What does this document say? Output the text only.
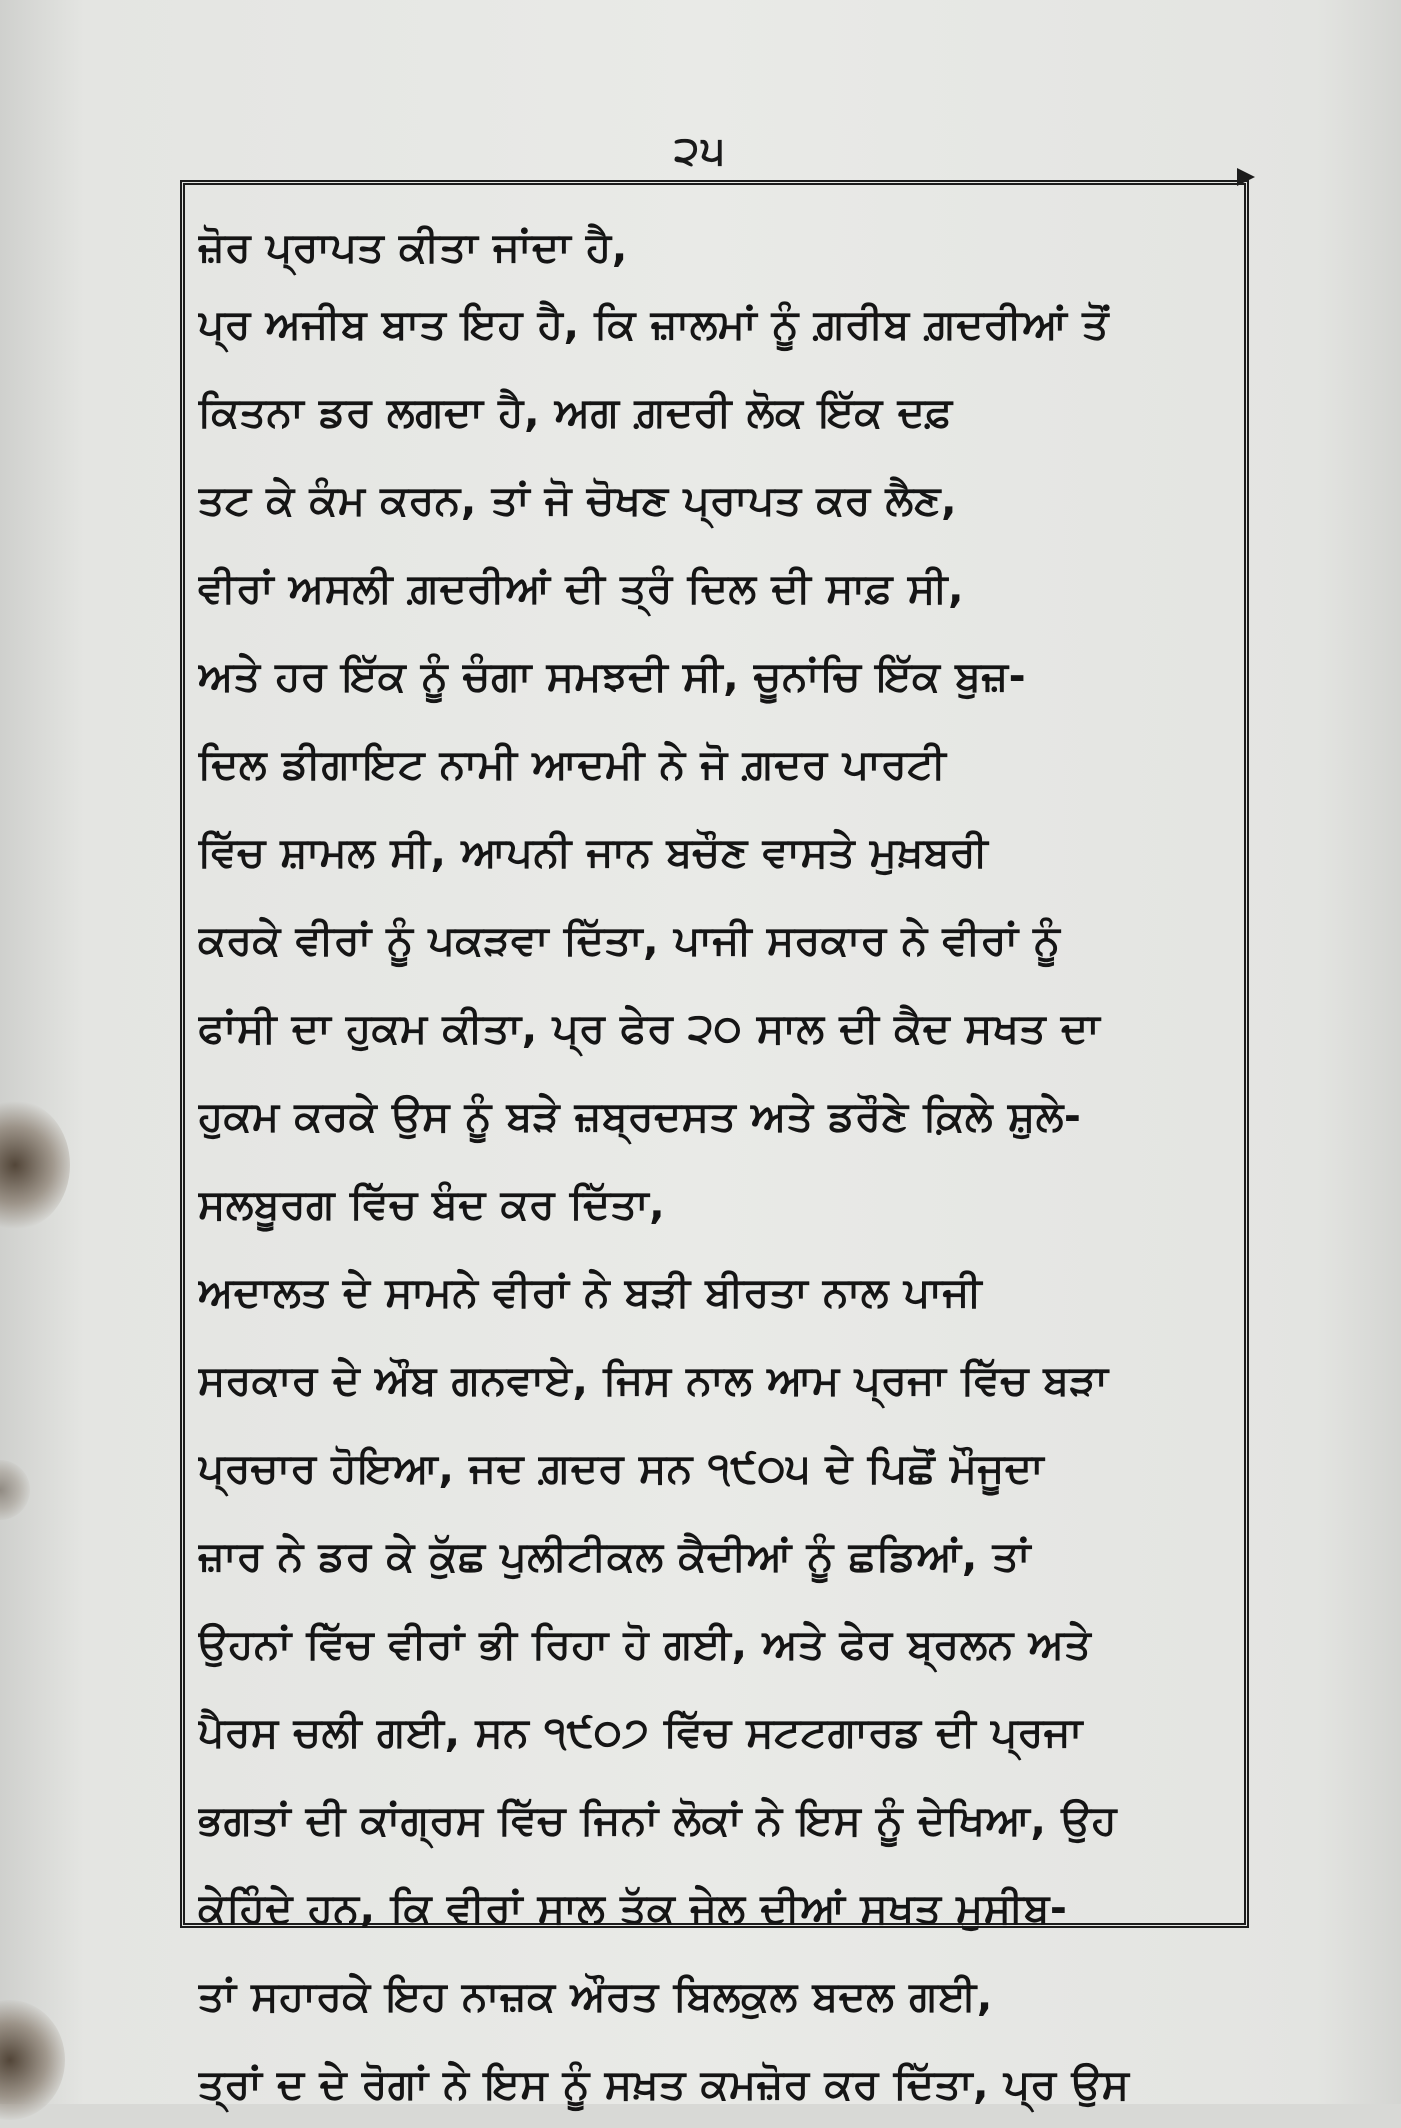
੨੫
ਜ਼ੋਰ ਪ੍ਰਾਪਤ ਕੀਤਾ ਜਾਂਦਾ ਹੈ,
ਪ੍ਰ ਅਜੀਬ ਬਾਤ ਇਹ ਹੈ, ਕਿ ਜ਼ਾਲਮਾਂ ਨੂੰ ਗ਼ਰੀਬ ਗ਼ਦਰੀਆਂ ਤੋਂ
ਕਿਤਨਾ ਡਰ ਲਗਦਾ ਹੈ, ਅਗ ਗ਼ਦਰੀ ਲੋਕ ਇੱਕ ਦਫ਼
ਤਟ ਕੇ ਕੰਮ ਕਰਨ, ਤਾਂ ਜੋ ਚੋਖਣ ਪ੍ਰਾਪਤ ਕਰ ਲੈਣ,
ਵੀਰਾਂ ਅਸਲੀ ਗ਼ਦਰੀਆਂ ਦੀ ਤ੍ਰੰ ਦਿਲ ਦੀ ਸਾਫ਼ ਸੀ,
ਅਤੇ ਹਰ ਇੱਕ ਨੂੰ ਚੰਗਾ ਸਮਝਦੀ ਸੀ, ਚੂਨਾਂਚਿ ਇੱਕ ਬੁਜ਼-
ਦਿਲ ਡੀਗਾਇਟ ਨਾਮੀ ਆਦਮੀ ਨੇ ਜੋ ਗ਼ਦਰ ਪਾਰਟੀ
ਵਿੱਚ ਸ਼ਾਮਲ ਸੀ, ਆਪਨੀ ਜਾਨ ਬਚੌਣ ਵਾਸਤੇ ਮੁਖ਼ਬਰੀ
ਕਰਕੇ ਵੀਰਾਂ ਨੂੰ ਪਕੜਵਾ ਦਿੱਤਾ, ਪਾਜੀ ਸਰਕਾਰ ਨੇ ਵੀਰਾਂ ਨੂੰ
ਫਾਂਸੀ ਦਾ ਹੁਕਮ ਕੀਤਾ, ਪ੍ਰ ਫੇਰ ੨੦ ਸਾਲ ਦੀ ਕੈਦ ਸਖਤ ਦਾ
ਹੁਕਮ ਕਰਕੇ ਉਸ ਨੂੰ ਬੜੇ ਜ਼ਬ੍ਰਦਸਤ ਅਤੇ ਡਰੌਣੇ ਕ਼ਿਲੇ ਸ਼ੁਲੇ-
ਸਲਬੂਰਗ ਵਿੱਚ ਬੰਦ ਕਰ ਦਿੱਤਾ,
ਅਦਾਲਤ ਦੇ ਸਾਮਨੇ ਵੀਰਾਂ ਨੇ ਬੜੀ ਬੀਰਤਾ ਨਾਲ ਪਾਜੀ
ਸਰਕਾਰ ਦੇ ਔਬ ਗਨਵਾਏ, ਜਿਸ ਨਾਲ ਆਮ ਪ੍ਰਜਾ ਵਿੱਚ ਬੜਾ
ਪ੍ਰਚਾਰ ਹੋਇਆ, ਜਦ ਗ਼ਦਰ ਸਨ ੧੯੦੫ ਦੇ ਪਿਛੋਂ ਮੌਜੂਦਾ
ਜ਼ਾਰ ਨੇ ਡਰ ਕੇ ਕੁੱਛ ਪੁਲੀਟੀਕਲ ਕੈਦੀਆਂ ਨੂੰ ਛਡਿਆਂ, ਤਾਂ
ਉਹਨਾਂ ਵਿੱਚ ਵੀਰਾਂ ਭੀ ਰਿਹਾ ਹੋ ਗਈ, ਅਤੇ ਫੇਰ ਬ੍ਰਲਨ ਅਤੇ
ਪੈਰਸ ਚਲੀ ਗਈ, ਸਨ ੧੯੦੭ ਵਿੱਚ ਸਟਟਗਾਰਡ ਦੀ ਪ੍ਰਜਾ
ਭਗਤਾਂ ਦੀ ਕਾਂਗ੍ਰਸ ਵਿੱਚ ਜਿਨਾਂ ਲੋਕਾਂ ਨੇ ਇਸ ਨੂੰ ਦੇਖਿਆ, ਉਹ
ਕੇਹਿੰਦੇ ਹਨ, ਕਿ ਵੀਰਾਂ ਸਾਲ ਤੱਕ ਜੇਲ ਦੀਆਂ ਸਖਤ ਮੁਸੀਬ-
ਤਾਂ ਸਹਾਰਕੇ ਇਹ ਨਾਜ਼ਕ ਔਰਤ ਬਿਲਕੁਲ ਬਦਲ ਗਈ,
ਤ੍ਰਾਂ ਦ ਦੇ ਰੋਗਾਂ ਨੇ ਇਸ ਨੂੰ ਸਖ਼ਤ ਕਮਜ਼ੋਰ ਕਰ ਦਿੱਤਾ, ਪ੍ਰ ਉਸ
